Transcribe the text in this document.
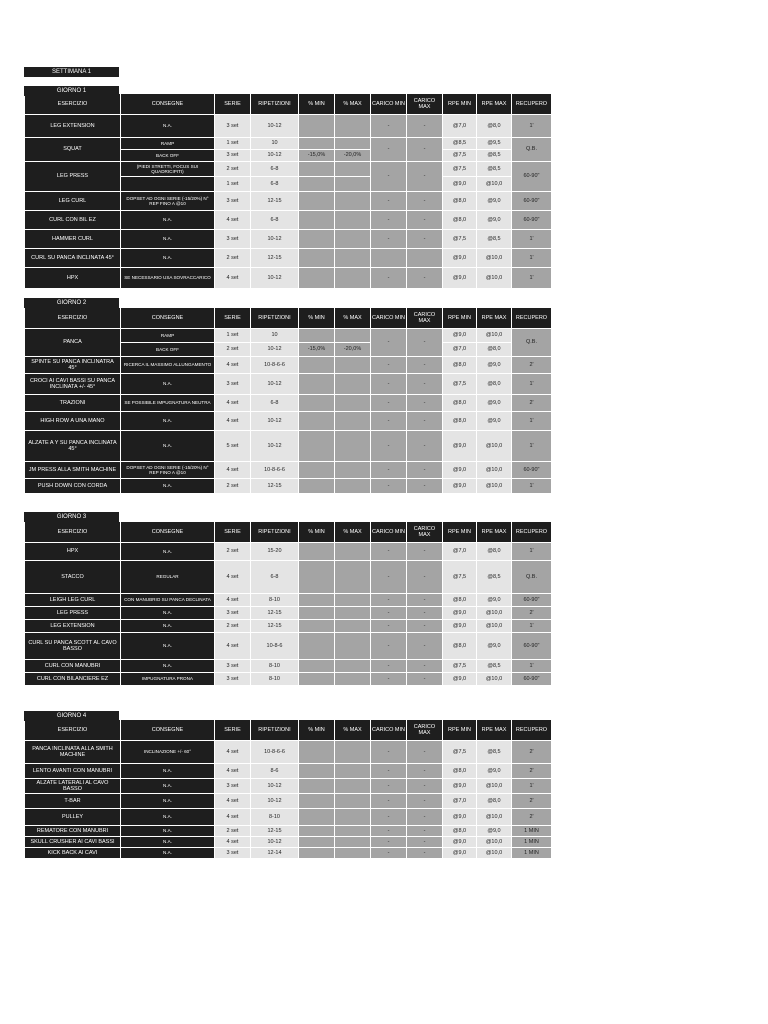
SETTIMANA 1
GIORNO 1
ESERCIZIO	CONSEGNE	SERIE	RIPETIZIONI	% MIN	% MAX	CARICO MIN	CARICO MAX	RPE MIN	RPE MAX	RECUPERO
LEG EXTENSION	N.A.	3 set	10-12			-	-	@7,0	@8,0	1'
SQUAT	RAMP	1 set	10			-	-	@8,5	@9,5	Q.B.
	BACK OFF	3 set	10-12	-15,0%	-20,0%			@7,5	@8,5	
LEG PRESS	(PIEDI STRETTI, FOCUS SUI QUADRICIPITI)	2 set	6-8			-	-	@7,5	@8,5	60-90"
		1 set	6-8					@9,0	@10,0	
LEG CURL	DOPSET AD OGNI SERIE (-15/20%) N° REP FINO A @10	3 set	12-15			-	-	@8,0	@9,0	60-90"
CURL CON BIL EZ	N.A.	4 set	6-8			-	-	@8,0	@9,0	60-90"
HAMMER CURL	N.A.	3 set	10-12			-	-	@7,5	@8,5	1'
CURL SU PANCA INCLINATA 45°	N.A.	2 set	12-15					@9,0	@10,0	1'
HPX	SE NECESSARIO USA SOVRACCARICO	4 set	10-12			-	-	@9,0	@10,0	1'
GIORNO 2
ESERCIZIO	CONSEGNE	SERIE	RIPETIZIONI	% MIN	% MAX	CARICO MIN	CARICO MAX	RPE MIN	RPE MAX	RECUPERO
PANCA	RAMP	1 set	10			-	-	@9,0	@10,0	Q.B.
	BACK OFF	2 set	10-12	-15,0%	-20,0%			@7,0	@8,0	
SPINTE SU PANCA INCLINATRA 45°	RICERCA IL MASSIMO ALLUNGAMENTO	4 set	10-8-6-6			-	-	@8,0	@9,0	2'
CROCI AI CAVI BASSI SU PANCA INCLINATA +/- 45°	N.A.	3 set	10-12			-	-	@7,5	@8,0	1'
TRAZIONI	SE POSSIBILE IMPUGNATURA NEUTRA	4 set	6-8			-	-	@8,0	@9,0	2'
HIGH ROW A UNA MANO	N.A.	4 set	10-12			-	-	@8,0	@9,0	1'
ALZATE A Y SU PANCA INCLINATA 45°	N.A.	5 set	10-12			-	-	@9,0	@10,0	1'
JM PRESS ALLA SMITH MACHINE	DOPSET AD OGNI SERIE (-15/20%) N° REP FINO A @10	4 set	10-8-6-6			-	-	@9,0	@10,0	60-90"
PUSH DOWN CON CORDA	N.A.	2 set	12-15			-	-	@9,0	@10,0	1'
GIORNO 3
ESERCIZIO	CONSEGNE	SERIE	RIPETIZIONI	% MIN	% MAX	CARICO MIN	CARICO MAX	RPE MIN	RPE MAX	RECUPERO
HPX	N.A.	2 set	15-20			-	-	@7,0	@8,0	1'
STACCO	REGULAR	4 set	6-8			-	-	@7,5	@8,5	Q.B.
LEIGH LEG CURL	CON MANUBRIO SU PANCA DECLINATA	4 set	8-10			-	-	@8,0	@9,0	60-90"
LEG PRESS	N.A.	3 set	12-15			-	-	@9,0	@10,0	2'
LEG EXTENSION	N.A.	2 set	12-15			-	-	@9,0	@10,0	1'
CURL SU PANCA SCOTT AL CAVO BASSO	N.A.	4 set	10-8-6			-	-	@8,0	@9,0	60-90"
CURL CON MANUBRI	N.A.	3 set	8-10			-	-	@7,5	@8,5	1'
CURL CON BILANCIERE EZ	IMPUGNATURA PRONA	3 set	8-10			-	-	@9,0	@10,0	60-90"
GIORNO 4
ESERCIZIO	CONSEGNE	SERIE	RIPETIZIONI	% MIN	% MAX	CARICO MIN	CARICO MAX	RPE MIN	RPE MAX	RECUPERO
PANCA INCLINATA ALLA SMITH MACHINE	INCLINAZIONE +/- 60°	4 set	10-8-6-6			-	-	@7,5	@8,5	2'
LENTO AVANTI CON MANUBRI	N.A.	4 set	8-6			-	-	@8,0	@9,0	2'
ALZATE LATERALI AL CAVO BASSO	N.A.	3 set	10-12			-	-	@9,0	@10,0	1'
T-BAR	N.A.	4 set	10-12			-	-	@7,0	@8,0	2'
PULLEY	N.A.	4 set	8-10			-	-	@9,0	@10,0	2'
REMATORE CON MANUBRI	N.A.	2 set	12-15			-	-	@8,0	@9,0	1 MIN
SKULL CRUSHER AI CAVI BASSI	N.A.	4 set	10-12			-	-	@9,0	@10,0	1 MIN
KICK BACK AI CAVI	N.A.	3 set	12-14			-	-	@9,0	@10,0	1 MIN
